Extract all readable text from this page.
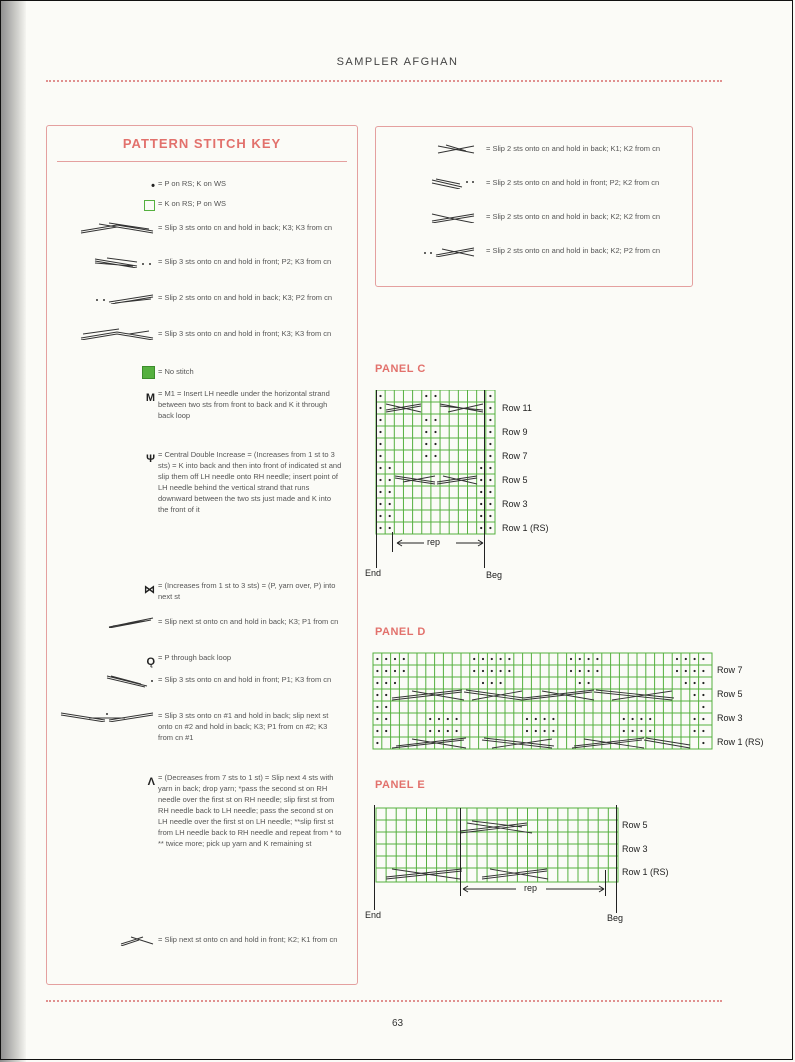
SAMPLER AFGHAN
63
PATTERN STITCH KEY
• = P on RS; K on WS
= K on RS; P on WS
= Slip 3 sts onto cn and hold in back; K3; K3 from cn
= Slip 3 sts onto cn and hold in front; P2; K3 from cn
= Slip 2 sts onto cn and hold in back; K3; P2 from cn
= Slip 3 sts onto cn and hold in front; K3; K3 from cn
= No stitch
M = M1 = Insert LH needle under the horizontal strand between two sts from front to back and K it through back loop
Ψ = Central Double Increase = (Increases from 1 st to 3 sts) = K into back and then into front of indicated st and slip them off LH needle onto RH needle; insert point of LH needle behind the vertical strand that runs downward between the two sts just made and K into the front of it
⋈ = (Increases from 1 st to 3 sts) = (P, yarn over, P) into next st
= Slip next st onto cn and hold in back; K3; P1 from cn
Ǫ = P through back loop
= Slip 3 sts onto cn and hold in front; P1; K3 from cn
= Slip 3 sts onto cn #1 and hold in back; slip next st onto cn #2 and hold in back; K3; P1 from cn #2; K3 from cn #1
Λ = (Decreases from 7 sts to 1 st) = Slip next 4 sts with yarn in back; drop yarn; *pass the second st on RH needle over the first st on RH needle; slip first st from RH needle back to LH needle; pass the second st on LH needle over the first st on LH needle; **slip first st from LH needle back to RH needle and repeat from * to ** twice more; pick up yarn and K remaining st
= Slip next st onto cn and hold in front; K2; K1 from cn
= Slip 2 sts onto cn and hold in back; K1; K2 from cn
= Slip 2 sts onto cn and hold in front; P2; K2 from cn
= Slip 2 sts onto cn and hold in back; K2; K2 from cn
= Slip 2 sts onto cn and hold in back; K2; P2 from cn
PANEL C
rep
End	Beg
Row 11
Row 9
Row 7
Row 5
Row 3
Row 1 (RS)
PANEL D
Row 7
Row 5
Row 3
Row 1 (RS)
PANEL E
rep
End	Beg
Row 5
Row 3
Row 1 (RS)
